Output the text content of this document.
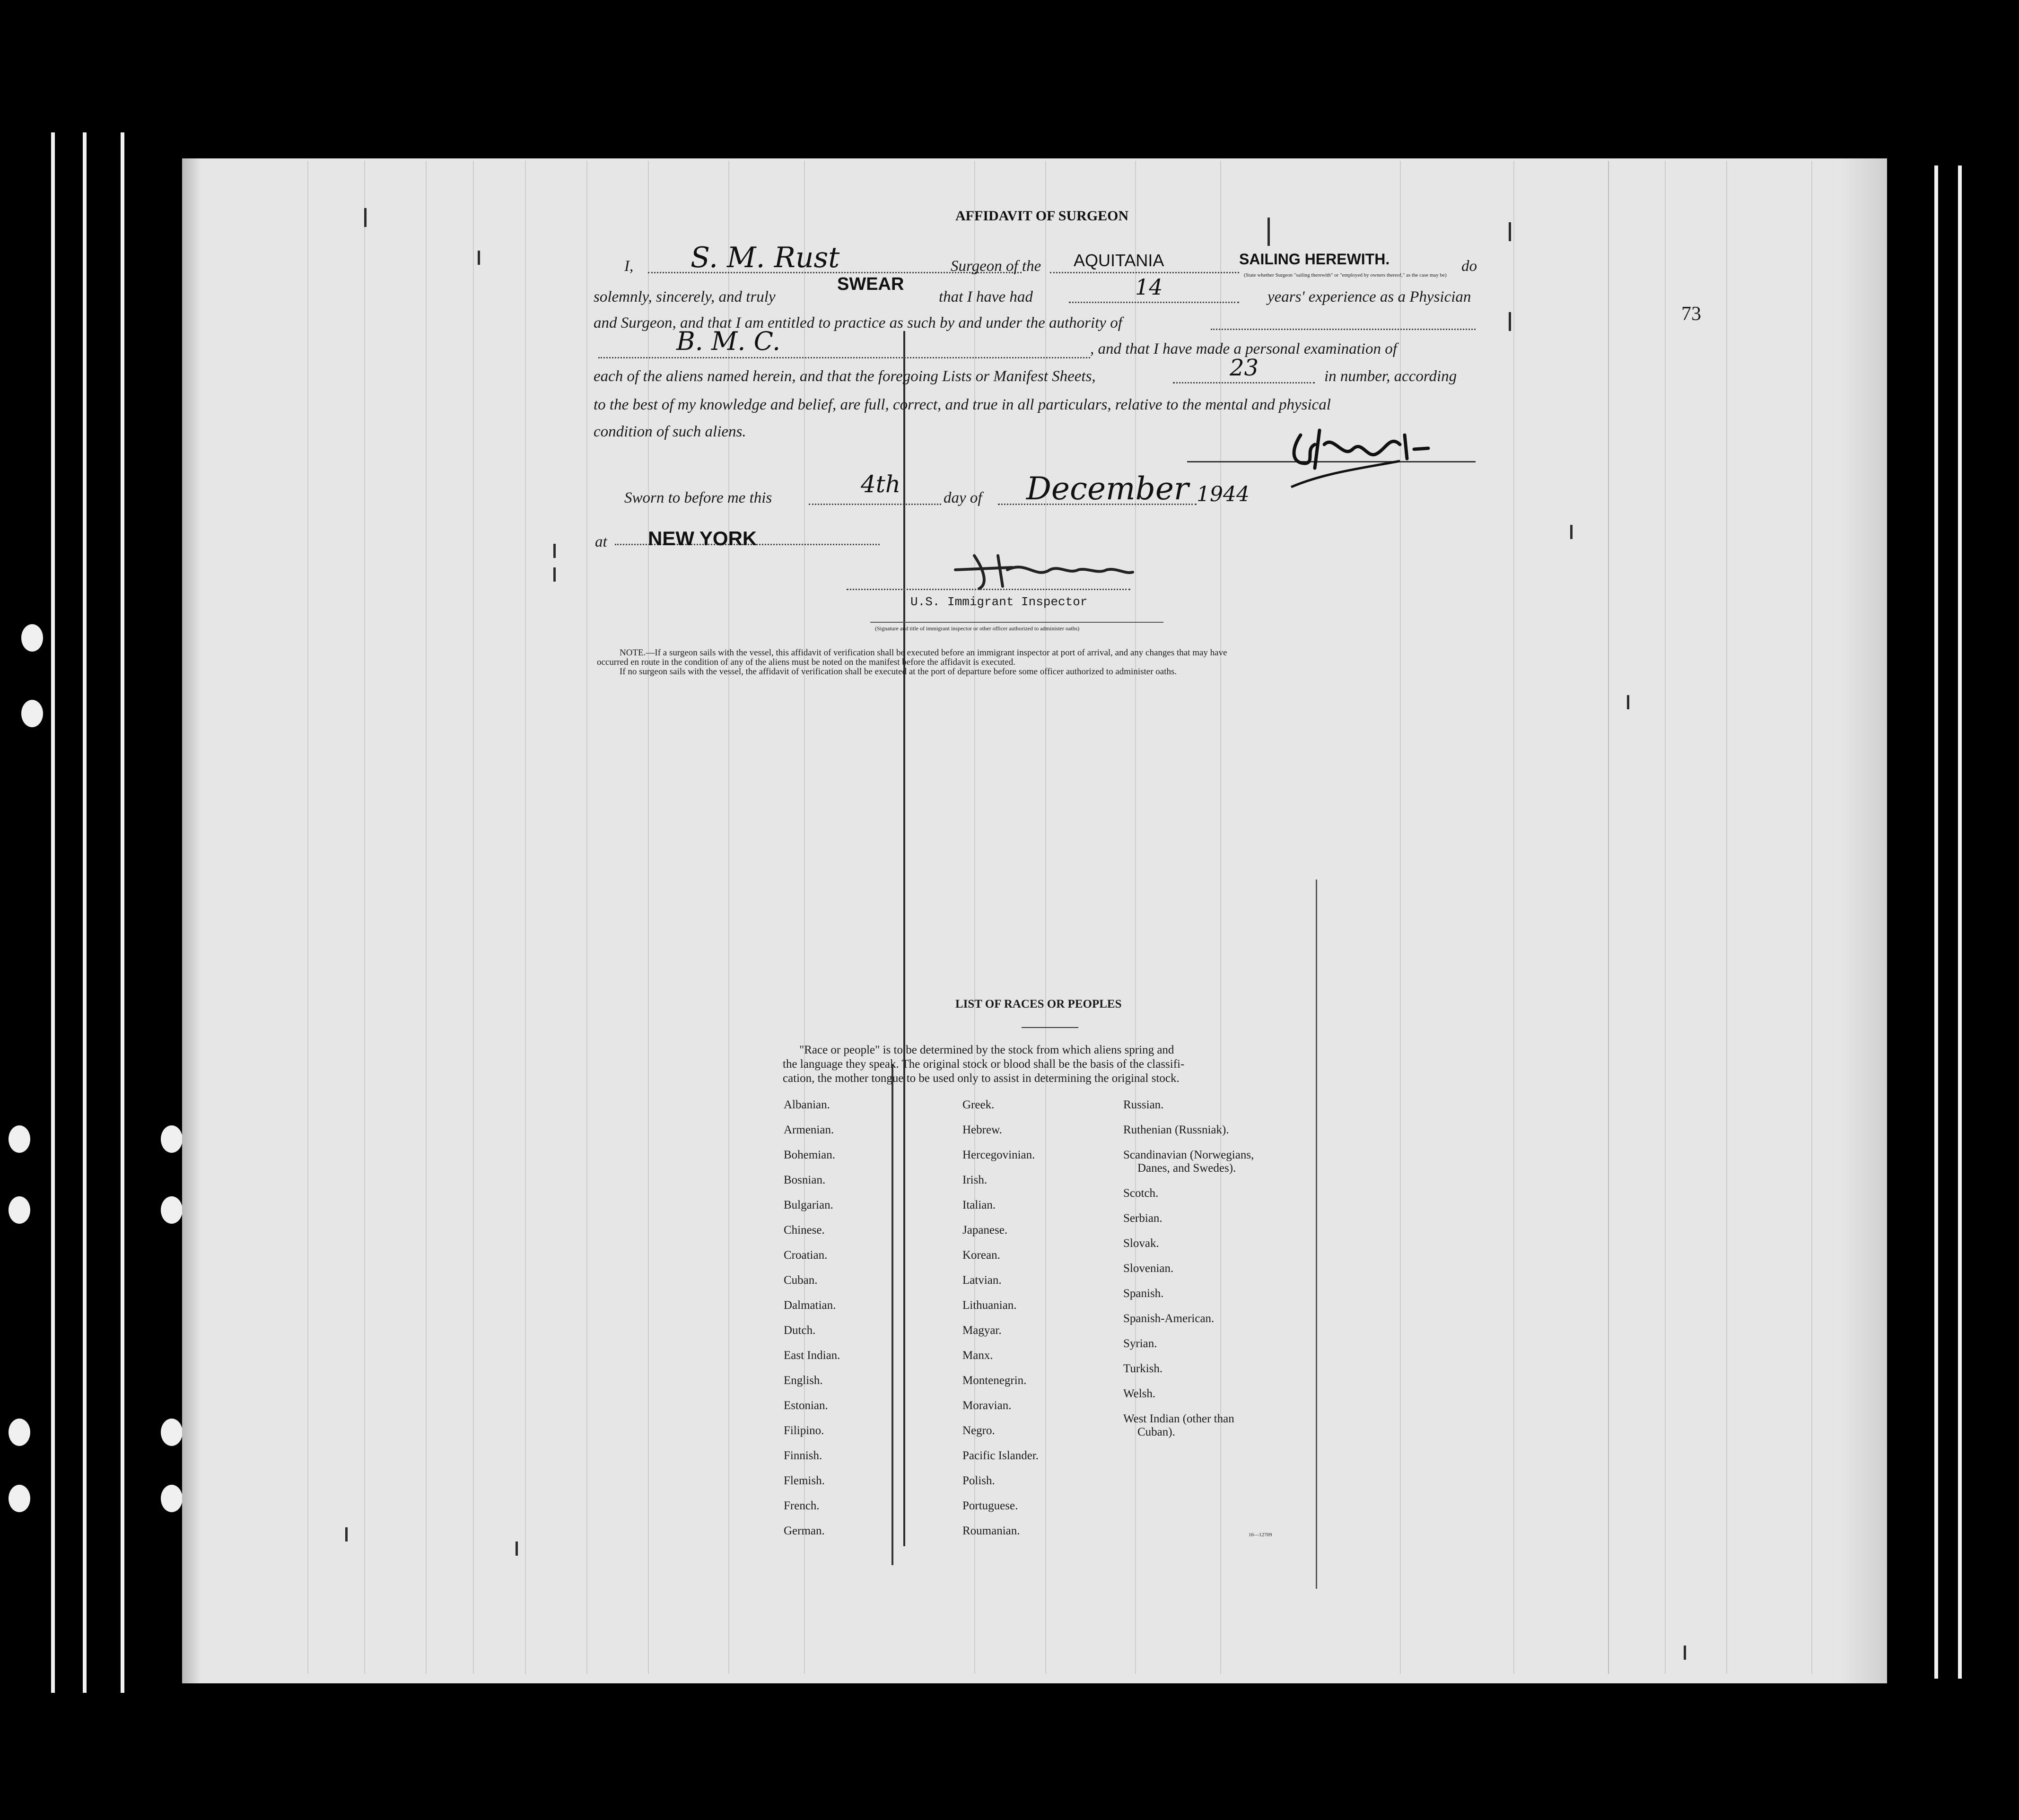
73
AFFIDAVIT OF SURGEON
I, S. M. Rust	Surgeon of the AQUITANIA	SAILING HEREWITH.
(State whether Surgeon "sailing therewith" or "employed by owners thereof," as the case may be)
do
solemnly, sincerely, and truly
SWEAR
that I have had	14	years' experience as a Physician
and Surgeon, and that I am entitled to practice as such by and under the authority of
B. M. C.	, and that I have made a personal examination of
each of the aliens named herein, and that the foregoing Lists or Manifest Sheets,	23	in number, according
to the best of my knowledge and belief, are full, correct, and true in all particulars, relative to the mental and physical
condition of such aliens.
Sworn to before me this	4th	day of December 1944
at NEW YORK
U.S. Immigrant Inspector
(Signature and title of immigrant inspector or other officer authorized to administer oaths)
NOTE.—If a surgeon sails with the vessel, this affidavit of verification shall be executed before an immigrant inspector at port of arrival, and any changes that may have
occurred en route in the condition of any of the aliens must be noted on the manifest before the affidavit is executed.
If no surgeon sails with the vessel, the affidavit of verification shall be executed at the port of departure before some officer authorized to administer oaths.
LIST OF RACES OR PEOPLES
"Race or people" is to be determined by the stock from which aliens spring and
the language they speak. The original stock or blood shall be the basis of the classifi-
cation, the mother tongue to be used only to assist in determining the original stock.
Albanian.
Armenian.
Bohemian.
Bosnian.
Bulgarian.
Chinese.
Croatian.
Cuban.
Dalmatian.
Dutch.
East Indian.
English.
Estonian.
Filipino.
Finnish.
Flemish.
French.
German.
Greek.
Hebrew.
Hercegovinian.
Irish.
Italian.
Japanese.
Korean.
Latvian.
Lithuanian.
Magyar.
Manx.
Montenegrin.
Moravian.
Negro.
Pacific Islander.
Polish.
Portuguese.
Roumanian.
Russian.
Ruthenian (Russniak).
Scandinavian (Norwegians,
Danes, and Swedes).
Scotch.
Serbian.
Slovak.
Slovenian.
Spanish.
Spanish-American.
Syrian.
Turkish.
Welsh.
West Indian (other than
Cuban).
16—12709
